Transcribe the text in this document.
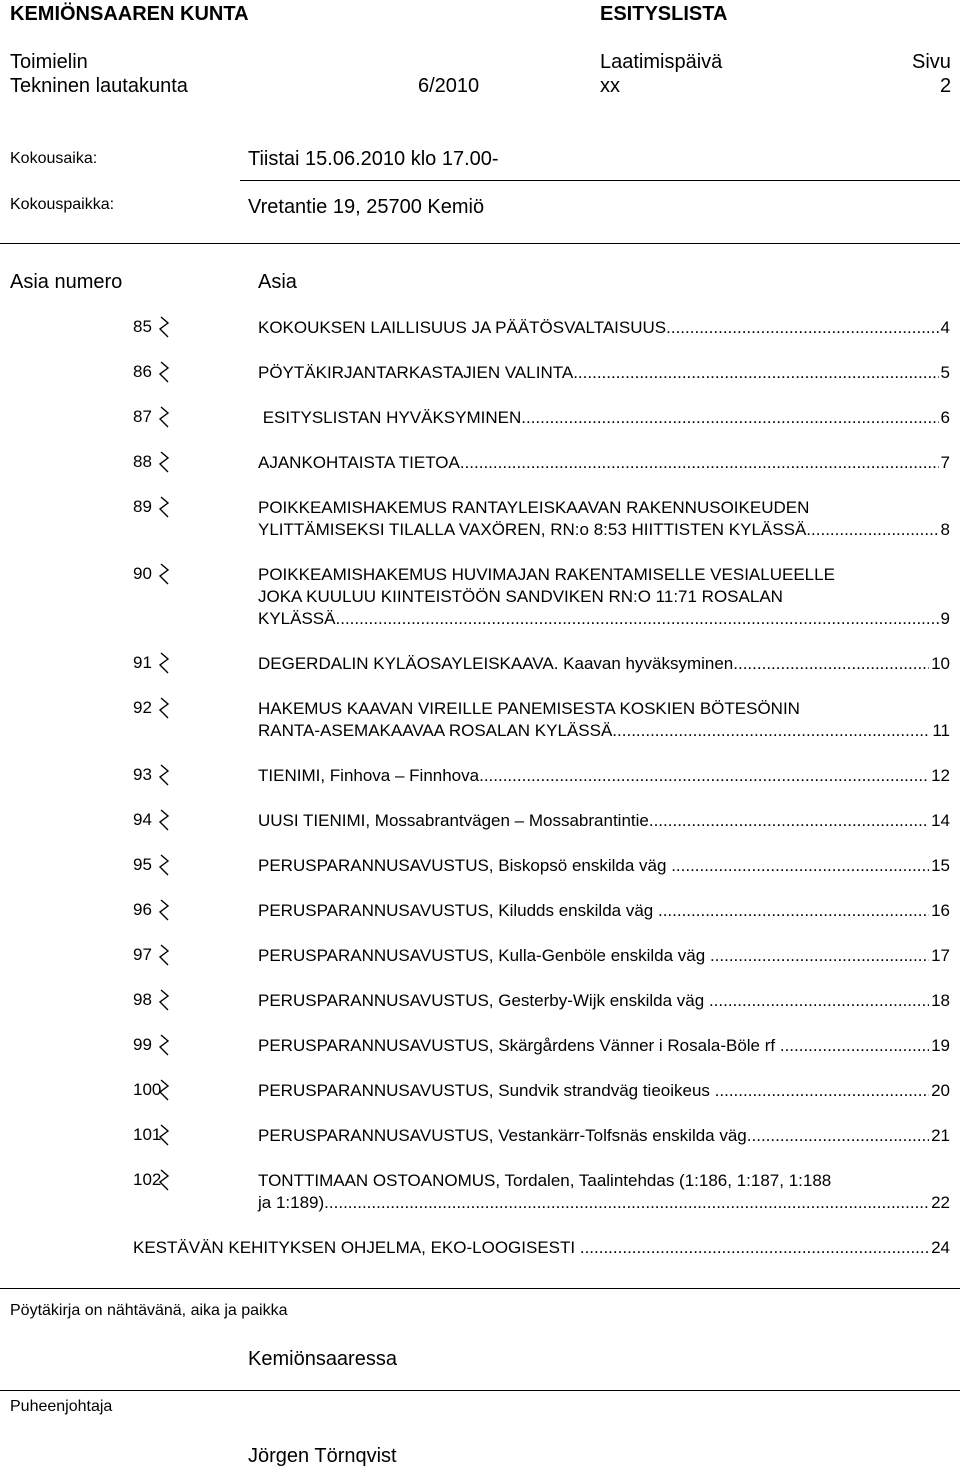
KEMIÖNSAAREN KUNTA	ESITYSLISTA
Toimielin	Laatimispäivä	Sivu
Tekninen lautakunta	6/2010	xx	2
Kokousaika:	Tiistai 15.06.2010 klo 17.00-
Kokouspaikka:	Vretantie 19, 25700 Kemiö
Asia numero	Asia
85	KOKOUKSEN LAILLISUUS JA PÄÄTÖSVALTAISUUS .....	4
86	PÖYTÄKIRJANTARKASTAJIEN VALINTA .....	5
87	ESITYSLISTAN HYVÄKSYMINEN .....	6
88	AJANKOHTAISTA TIETOA .....	7
89	POIKKEAMISHAKEMUS RANTAYLEISKAAVAN RAKENNUSOIKEUDEN
YLITTÄMISEKSI TILALLA VAXÖREN, RN:o 8:53 HIITTISTEN KYLÄSSÄ .....	8
90	POIKKEAMISHAKEMUS HUVIMAJAN RAKENTAMISELLE VESIALUEELLE
JOKA KUULUU KIINTEISTÖÖN SANDVIKEN RN:O 11:71 ROSALAN
KYLÄSSÄ .....	9
91	DEGERDALIN KYLÄOSAYLEISKAAVA. Kaavan hyväksyminen. .....	10
92	HAKEMUS KAAVAN VIREILLE PANEMISESTA KOSKIEN BÖTESÖNIN
RANTA-ASEMAKAAVAA ROSALAN KYLÄSSÄ .....	11
93	TIENIMI, Finhova – Finnhova .....	12
94	UUSI TIENIMI, Mossabrantvägen – Mossabrantintie .....	14
95	PERUSPARANNUSAVUSTUS, Biskopsö enskilda väg .....	15
96	PERUSPARANNUSAVUSTUS, Kiludds enskilda väg .....	16
97	PERUSPARANNUSAVUSTUS, Kulla-Genböle enskilda väg .....	17
98	PERUSPARANNUSAVUSTUS, Gesterby-Wijk enskilda väg .....	18
99	PERUSPARANNUSAVUSTUS, Skärgårdens Vänner i Rosala-Böle rf .....	19
100	PERUSPARANNUSAVUSTUS, Sundvik strandväg tieoikeus .....	20
101	PERUSPARANNUSAVUSTUS, Vestankärr-Tolfsnäs enskilda väg .....	21
102	TONTTIMAAN OSTOANOMUS, Tordalen, Taalintehdas (1:186, 1:187, 1:188
ja 1:189) .....	22
KESTÄVÄN KEHITYKSEN OHJELMA, EKO-LOOGISESTI .....	24
Pöytäkirja on nähtävänä, aika ja paikka
Kemiönsaaressa
Puheenjohtaja
Jörgen Törnqvist
